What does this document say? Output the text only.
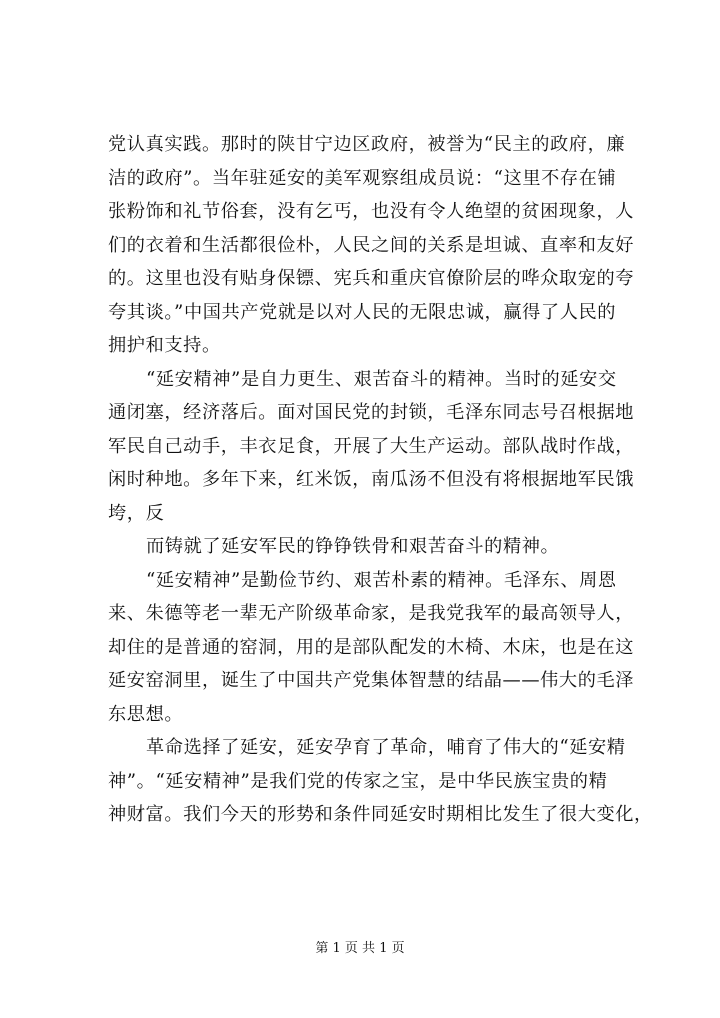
党认真实践。那时的陕甘宁边区政府，被誉为“民主的政府，廉
洁的政府”。当年驻延安的美军观察组成员说：“这里不存在铺
张粉饰和礼节俗套，没有乞丐，也没有令人绝望的贫困现象，人
们的衣着和生活都很俭朴，人民之间的关系是坦诚、直率和友好
的。这里也没有贴身保镖、宪兵和重庆官僚阶层的哗众取宠的夸
夸其谈。”中国共产党就是以对人民的无限忠诚，赢得了人民的
拥护和支持。
“延安精神”是自力更生、艰苦奋斗的精神。当时的延安交
通闭塞，经济落后。面对国民党的封锁，毛泽东同志号召根据地
军民自己动手，丰衣足食，开展了大生产运动。部队战时作战，
闲时种地。多年下来，红米饭，南瓜汤不但没有将根据地军民饿
垮，反
而铸就了延安军民的铮铮铁骨和艰苦奋斗的精神。
“延安精神”是勤俭节约、艰苦朴素的精神。毛泽东、周恩
来、朱德等老一辈无产阶级革命家，是我党我军的最高领导人，
却住的是普通的窑洞，用的是部队配发的木椅、木床，也是在这
延安窑洞里，诞生了中国共产党集体智慧的结晶——伟大的毛泽
东思想。
革命选择了延安，延安孕育了革命，哺育了伟大的“延安精
神”。“延安精神”是我们党的传家之宝，是中华民族宝贵的精
神财富。我们今天的形势和条件同延安时期相比发生了很大变化，
第 1 页 共 1 页
